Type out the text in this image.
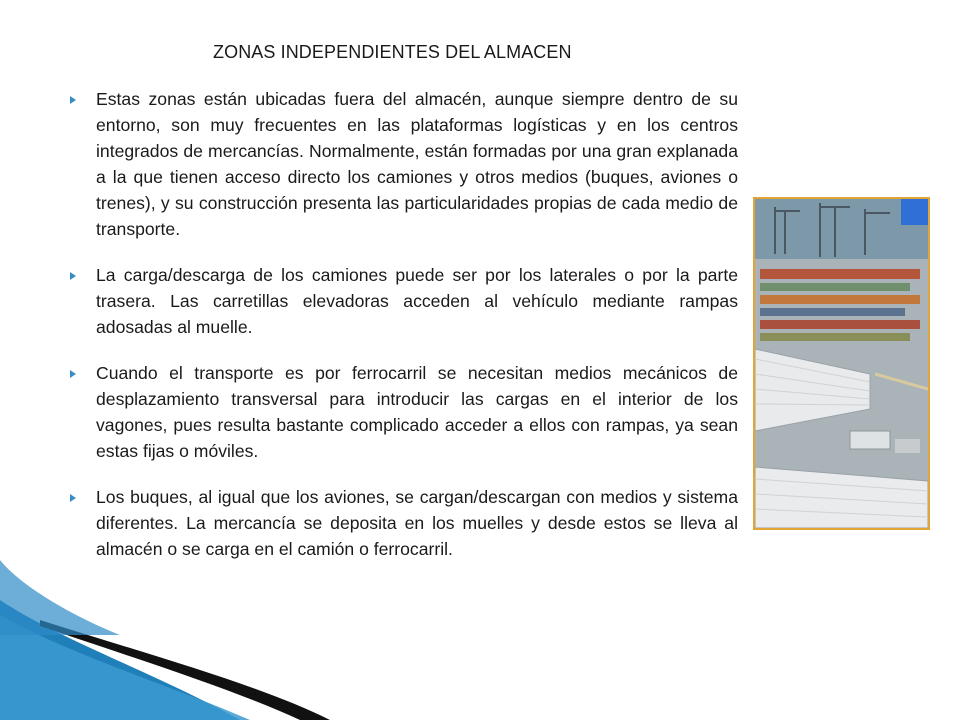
ZONAS INDEPENDIENTES DEL ALMACEN
Estas zonas están ubicadas fuera del almacén, aunque siempre dentro de su entorno, son muy frecuentes en las plataformas logísticas y en los centros integrados de mercancías. Normalmente, están formadas por una gran explanada a la que tienen acceso directo los camiones y otros medios (buques, aviones o trenes), y su construcción presenta las particularidades propias de cada medio de transporte.
La carga/descarga de los camiones puede ser por los laterales o por la parte trasera. Las carretillas elevadoras acceden al vehículo mediante rampas adosadas al muelle.
Cuando el transporte es por ferrocarril se necesitan medios mecánicos de desplazamiento transversal para introducir las cargas en el interior de los vagones, pues resulta bastante complicado acceder a ellos con rampas, ya sean estas fijas o móviles.
Los buques, al igual que los aviones, se cargan/descargan con medios y sistema diferentes. La mercancía se deposita en los muelles y desde estos se lleva al almacén o se carga en el camión o ferrocarril.
